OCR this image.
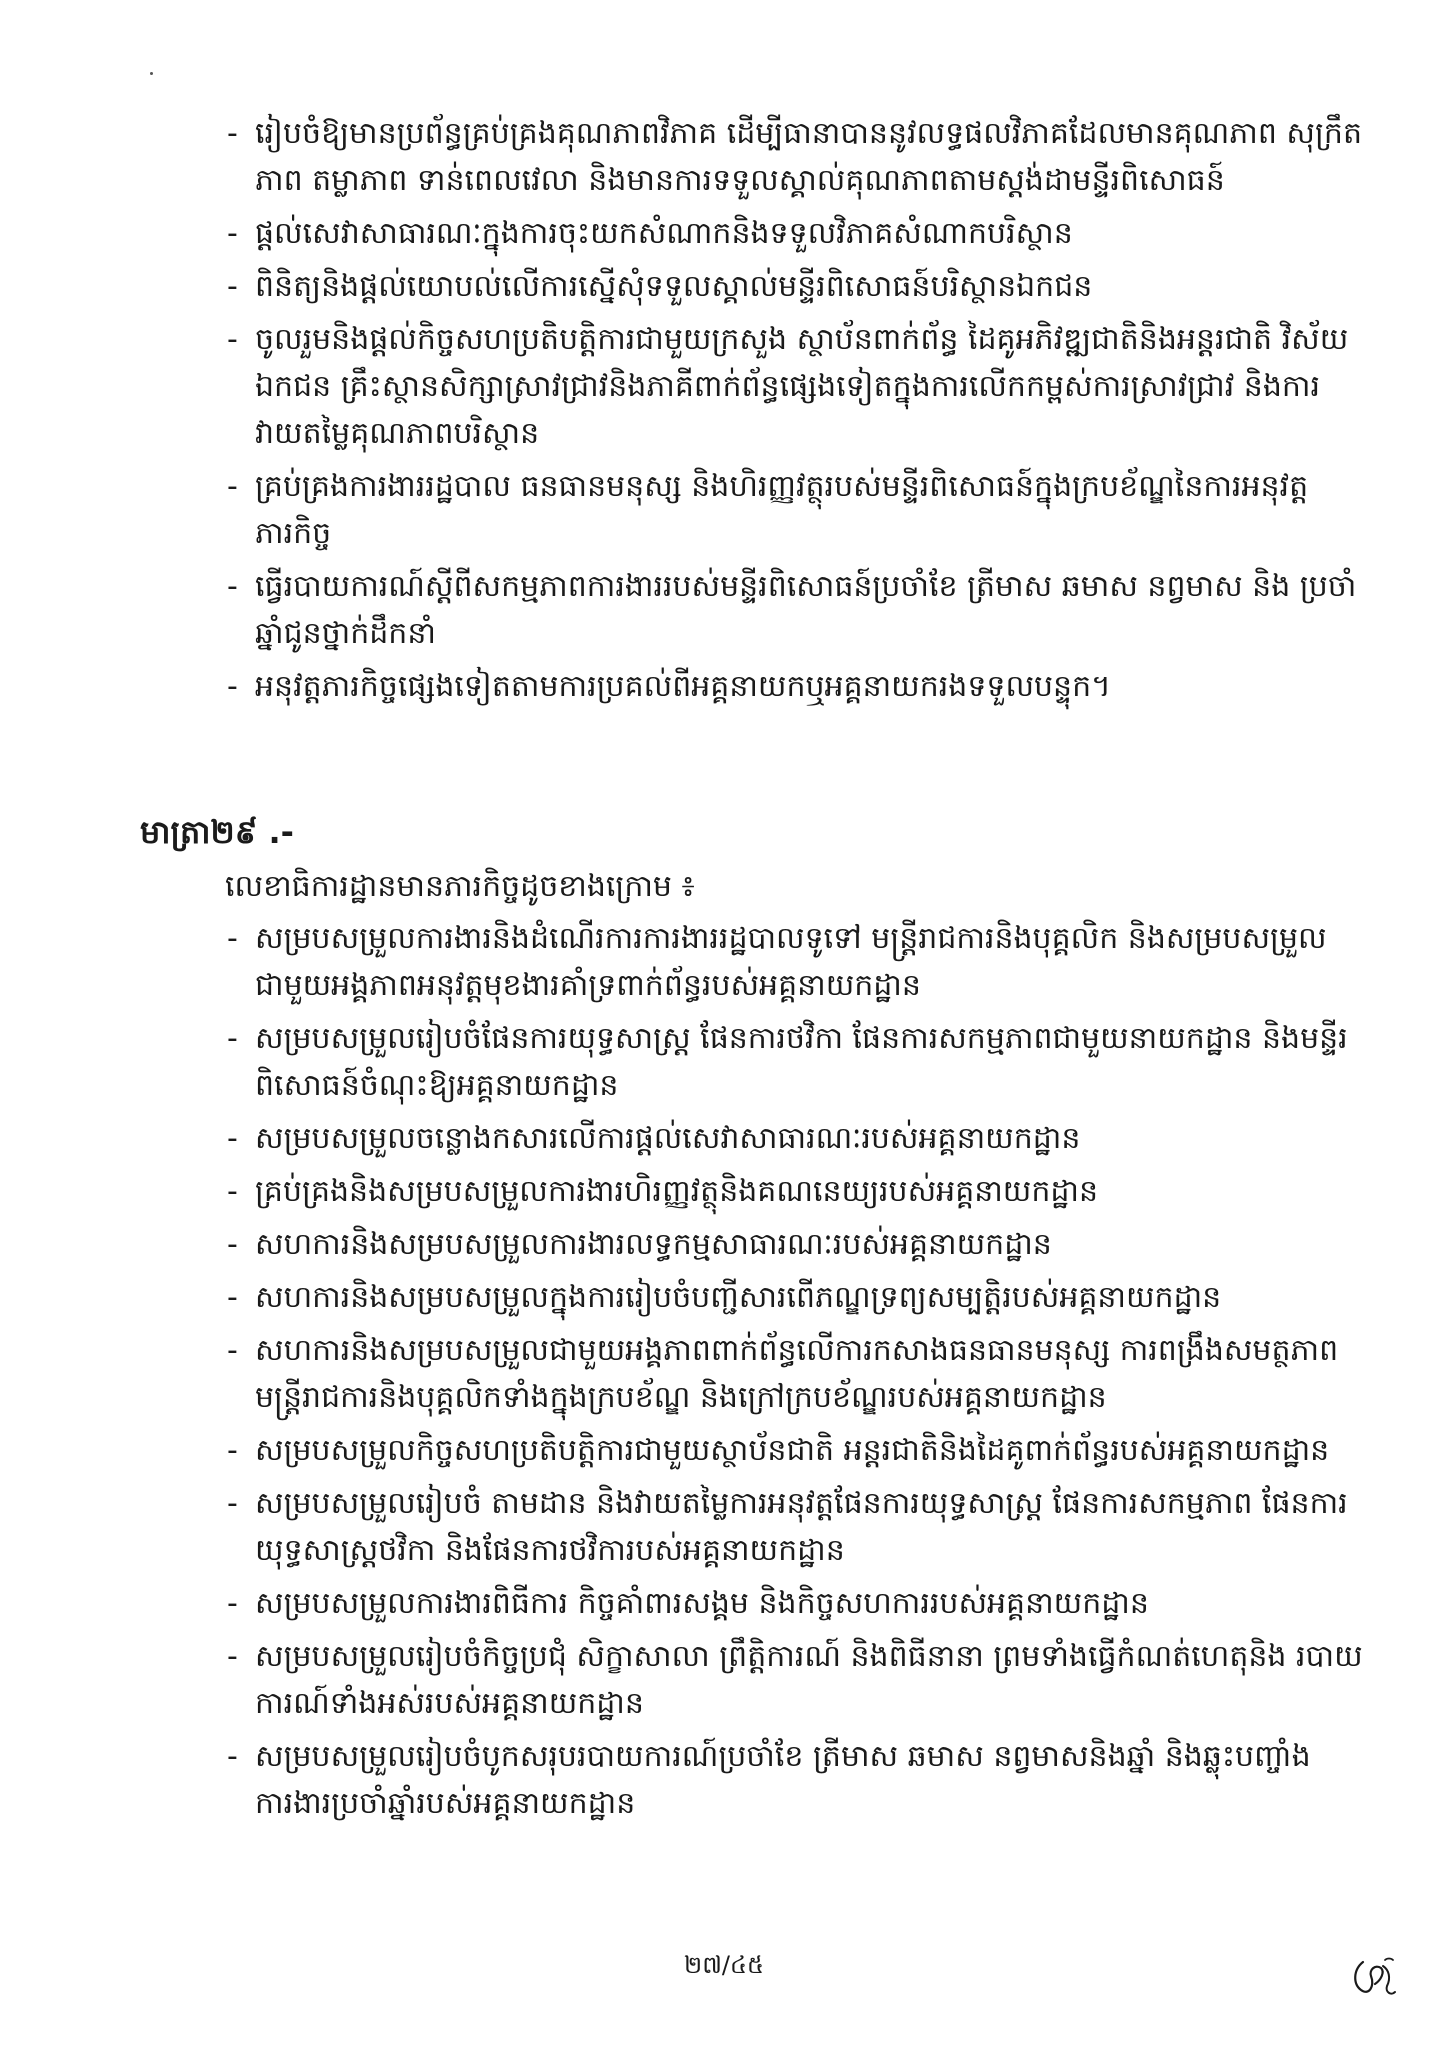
- រៀបចំឱ្យមានប្រព័ន្ធគ្រប់គ្រងគុណភាពវិភាគ ដើម្បីធានាបាននូវលទ្ធផលវិភាគដែលមានគុណភាព សុក្រឹតភាព តម្លាភាព ទាន់ពេលវេលា និងមានការទទួលស្គាល់គុណភាពតាមស្តង់ដាមន្ទីរពិសោធន៍
- ផ្តល់សេវាសាធារណៈក្នុងការចុះយកសំណាកនិងទទួលវិភាគសំណាកបរិស្ថាន
- ពិនិត្យនិងផ្តល់យោបល់លើការស្នើសុំទទួលស្គាល់មន្ទីរពិសោធន៍បរិស្ថានឯកជន
- ចូលរួមនិងផ្តល់កិច្ចសហប្រតិបត្តិការជាមួយក្រសួង ស្ថាប័នពាក់ព័ន្ធ ដៃគូអភិវឌ្ឍជាតិនិងអន្តរជាតិ វិស័យឯកជន គ្រឹះស្ថានសិក្សាស្រាវជ្រាវនិងភាគីពាក់ព័ន្ធផ្សេងទៀតក្នុងការលើកកម្ពស់ការស្រាវជ្រាវ និងការវាយតម្លៃគុណភាពបរិស្ថាន
- គ្រប់គ្រងការងាររដ្ឋបាល ធនធានមនុស្ស និងហិរញ្ញវត្ថុរបស់មន្ទីរពិសោធន៍ក្នុងក្របខ័ណ្ឌនៃការអនុវត្ត ភារកិច្ច
- ធ្វើរបាយការណ៍ស្តីពីសកម្មភាពការងាររបស់មន្ទីរពិសោធន៍ប្រចាំខែ ត្រីមាស ឆមាស នព្វមាស និង ប្រចាំឆ្នាំជូនថ្នាក់ដឹកនាំ
- អនុវត្តភារកិច្ចផ្សេងទៀតតាមការប្រគល់ពីអគ្គនាយកឬអគ្គនាយករងទទួលបន្ទុក។
មាត្រា២៩ .-
លេខាធិការដ្ឋានមានភារកិច្ចដូចខាងក្រោម ៖
- សម្របសម្រួលការងារនិងដំណើរការការងាររដ្ឋបាលទូទៅ មន្ត្រីរាជការនិងបុគ្គលិក និងសម្របសម្រួល ជាមួយអង្គភាពអនុវត្តមុខងារគាំទ្រពាក់ព័ន្ធរបស់អគ្គនាយកដ្ឋាន
- សម្របសម្រួលរៀបចំផែនការយុទ្ធសាស្ត្រ ផែនការថវិកា ផែនការសកម្មភាពជាមួយនាយកដ្ឋាន និងមន្ទីរពិសោធន៍ចំណុះឱ្យអគ្គនាយកដ្ឋាន
- សម្របសម្រួលចន្លោងកសារលើការផ្តល់សេវាសាធារណៈរបស់អគ្គនាយកដ្ឋាន
- គ្រប់គ្រងនិងសម្របសម្រួលការងារហិរញ្ញវត្ថុនិងគណនេយ្យរបស់អគ្គនាយកដ្ឋាន
- សហការនិងសម្របសម្រួលការងារលទ្ធកម្មសាធារណៈរបស់អគ្គនាយកដ្ឋាន
- សហការនិងសម្របសម្រួលក្នុងការរៀបចំបញ្ជីសារពើភណ្ឌទ្រព្យសម្បត្តិរបស់អគ្គនាយកដ្ឋាន
- សហការនិងសម្របសម្រួលជាមួយអង្គភាពពាក់ព័ន្ធលើការកសាងធនធានមនុស្ស ការពង្រឹងសមត្ថភាព មន្ត្រីរាជការនិងបុគ្គលិកទាំងក្នុងក្របខ័ណ្ឌ និងក្រៅក្របខ័ណ្ឌរបស់អគ្គនាយកដ្ឋាន
- សម្របសម្រួលកិច្ចសហប្រតិបត្តិការជាមួយស្ថាប័នជាតិ អន្តរជាតិនិងដៃគូពាក់ព័ន្ធរបស់អគ្គនាយកដ្ឋាន
- សម្របសម្រួលរៀបចំ តាមដាន និងវាយតម្លៃការអនុវត្តផែនការយុទ្ធសាស្ត្រ ផែនការសកម្មភាព ផែនការយុទ្ធសាស្ត្រថវិកា និងផែនការថវិការបស់អគ្គនាយកដ្ឋាន
- សម្របសម្រួលការងារពិធីការ កិច្ចគាំពារសង្គម និងកិច្ចសហការរបស់អគ្គនាយកដ្ឋាន
- សម្របសម្រួលរៀបចំកិច្ចប្រជុំ សិក្ខាសាលា ព្រឹត្តិការណ៍ និងពិធីនានា ព្រមទាំងធ្វើកំណត់ហេតុនិង របាយការណ៍ទាំងអស់របស់អគ្គនាយកដ្ឋាន
- សម្របសម្រួលរៀបចំបូកសរុបរបាយការណ៍ប្រចាំខែ ត្រីមាស ឆមាស នព្វមាសនិងឆ្នាំ និងឆ្លុះបញ្ចាំង ការងារប្រចាំឆ្នាំរបស់អគ្គនាយកដ្ឋាន
២៧/៤៥
